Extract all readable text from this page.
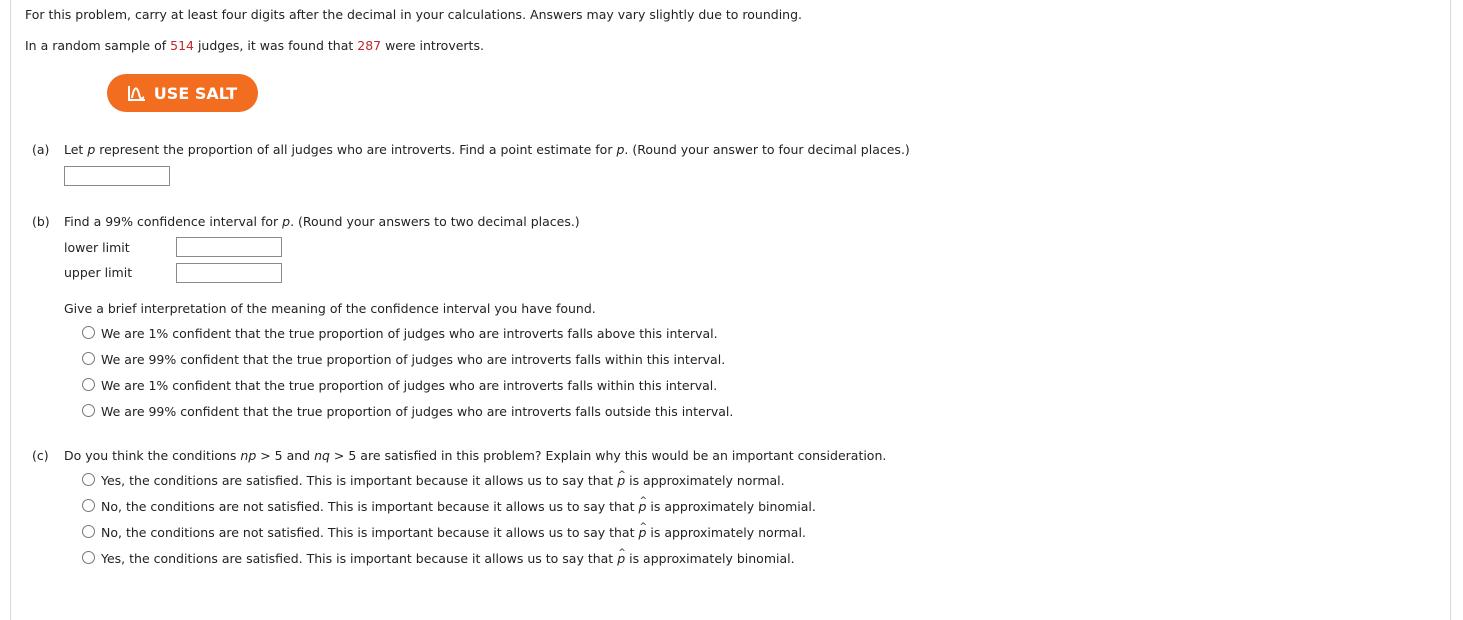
For this problem, carry at least four digits after the decimal in your calculations. Answers may vary slightly due to rounding.
In a random sample of 514 judges, it was found that 287 were introverts.
USE SALT
(a) Let p represent the proportion of all judges who are introverts. Find a point estimate for p. (Round your answer to four decimal places.)
(b) Find a 99% confidence interval for p. (Round your answers to two decimal places.)
lower limit
upper limit
Give a brief interpretation of the meaning of the confidence interval you have found.
We are 1% confident that the true proportion of judges who are introverts falls above this interval.
We are 99% confident that the true proportion of judges who are introverts falls within this interval.
We are 1% confident that the true proportion of judges who are introverts falls within this interval.
We are 99% confident that the true proportion of judges who are introverts falls outside this interval.
(c) Do you think the conditions np > 5 and nq > 5 are satisfied in this problem? Explain why this would be an important consideration.
Yes, the conditions are satisfied. This is important because it allows us to say that ^ p is approximately normal.
No, the conditions are not satisfied. This is important because it allows us to say that ^ p is approximately binomial.
No, the conditions are not satisfied. This is important because it allows us to say that ^ p is approximately normal.
Yes, the conditions are satisfied. This is important because it allows us to say that ^ p is approximately binomial.
